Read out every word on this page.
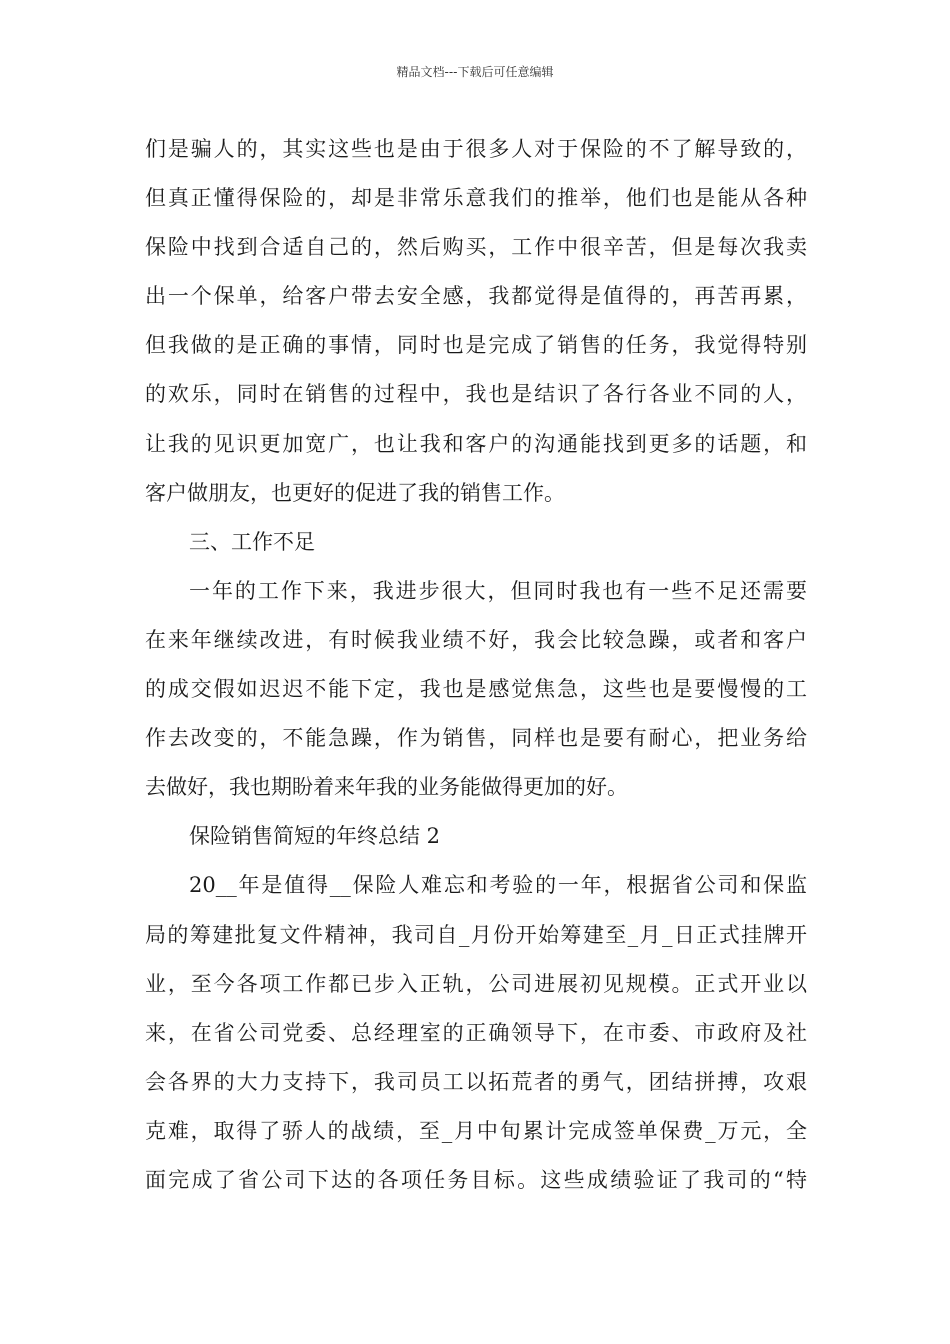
精品文档---下载后可任意编辑
们是骗人的，其实这些也是由于很多人对于保险的不了解导致的，
但真正懂得保险的，却是非常乐意我们的推举，他们也是能从各种
保险中找到合适自己的，然后购买，工作中很辛苦，但是每次我卖
出一个保单，给客户带去安全感，我都觉得是值得的，再苦再累，
但我做的是正确的事情，同时也是完成了销售的任务，我觉得特别
的欢乐，同时在销售的过程中，我也是结识了各行各业不同的人，
让我的见识更加宽广，也让我和客户的沟通能找到更多的话题，和
客户做朋友，也更好的促进了我的销售工作。
三、工作不足
一年的工作下来，我进步很大，但同时我也有一些不足还需要
在来年继续改进，有时候我业绩不好，我会比较急躁，或者和客户
的成交假如迟迟不能下定，我也是感觉焦急，这些也是要慢慢的工
作去改变的，不能急躁，作为销售，同样也是要有耐心，把业务给
去做好，我也期盼着来年我的业务能做得更加的好。
保险销售简短的年终总结 2
20__年是值得__保险人难忘和考验的一年，根据省公司和保监
局的筹建批复文件精神，我司自_月份开始筹建至_月_日正式挂牌开
业，至今各项工作都已步入正轨，公司进展初见规模。正式开业以
来，在省公司党委、总经理室的正确领导下，在市委、市政府及社
会各界的大力支持下，我司员工以拓荒者的勇气，团结拼搏，攻艰
克难，取得了骄人的战绩，至_月中旬累计完成签单保费_万元，全
面完成了省公司下达的各项任务目标。这些成绩验证了我司的“特
